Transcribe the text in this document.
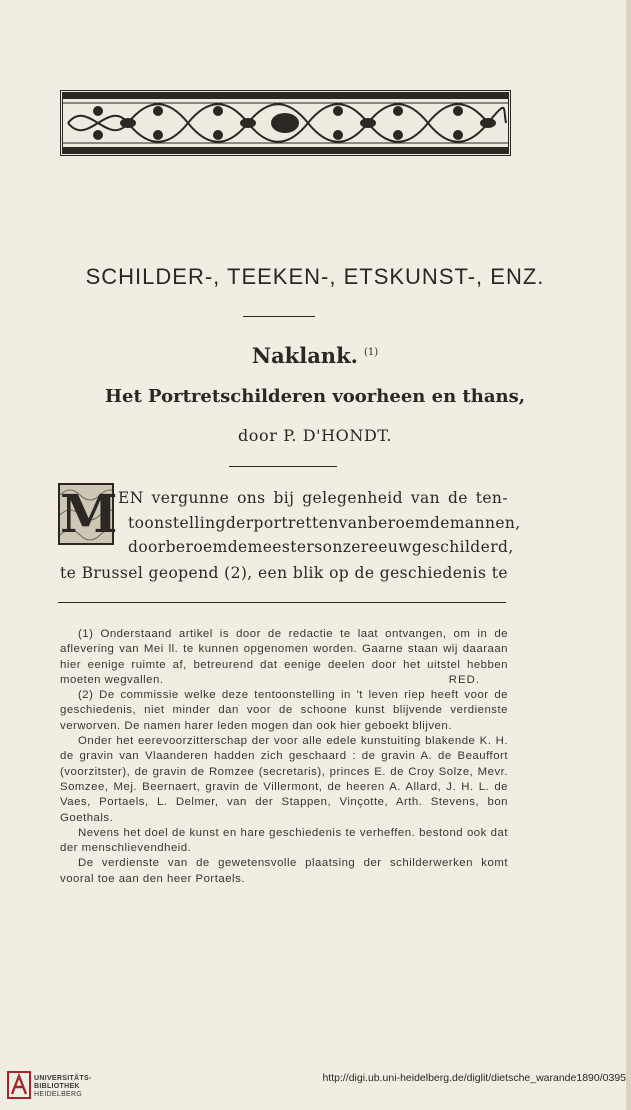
SCHILDER-, TEEKEN-, ETSKUNST-, ENZ.
Naklank. $^{(1)}$
Het Portretschilderen voorheen en thans,
door P. D'HONDT.
M EN vergunne ons bij gelegenheid van de ten-
toonstelling der portretten van beroemde mannen,
door beroemde meesters onzer eeuw geschilderd,
te Brussel geopend (2), een blik op de geschiedenis te

(1) Onderstaand artikel is door de redactie te laat ontvangen, om in de aflevering van Mei ll. te kunnen opgenomen worden. Gaarne staan wij daaraan hier eenige ruimte af, betreurend dat eenige deelen door het uitstel hebben moeten wegvallen.	RED.

(2) De commissie welke deze tentoonstelling in 't leven riep heeft voor de geschiedenis, niet minder dan voor de schoone kunst blijvende verdienste verworven. De namen harer leden mogen dan ook hier geboekt blijven.

Onder het eerevoorzitterschap der voor alle edele kunstuiting blakende K. H. de gravin van Vlaanderen hadden zich geschaard : de gravin A. de Beauffort (voorzitster), de gravin de Romzee (secretaris), princes E. de Croy Solze, Mevr. Somzee, Mej. Beernaert, gravin de Villermont, de heeren A. Allard, J. H. L. de Vaes, Portaels, L. Delmer, van der Stappen, Vinçotte, Arth. Stevens, bon Goethals.

Nevens het doel de kunst en hare geschiedenis te verheffen. bestond ook dat der menschlievendheid.

De verdienste van de gewetensvolle plaatsing der schilderwerken komt vooral toe aan den heer Portaels.

UNIVERSITÄTS-
BIBLIOTHEK
HEIDELBERG
http://digi.ub.uni-heidelberg.de/diglit/dietsche_warande1890/0395
